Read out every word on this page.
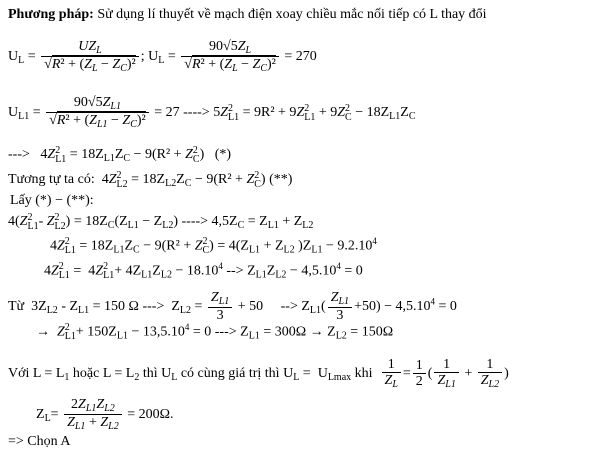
Phương pháp: Sử dụng lí thuyết về mạch điện xoay chiều mắc nối tiếp có L thay đổi
$U_L = \frac{UZ_L}{√R^2 + (Z_L - Z_C)^2}$ ; $U_L = \frac{90√5Z_L}{√R^2 + (Z_L - Z_C)^2} = 270$
$U_{L1} = \frac{90√5Z_{L1}}{√R^2 + (Z_{L1} - Z_C)^2} = 27$ ----> 5Z 2
L1 = 9R² + 9Z 2
L1 + 9Z 2
$C - 18Z_{L1}Z_C$
--->   4Z 2
$L1 = 18Z_{L1}Z_C - 9(R^2 + Z$ 2
C )   (*)
Tương tự ta có:  4Z 2
$L2 = 18Z_{L2}Z_C - 9(R^2 + Z$ 2
C ) (**)
Lấy (*) − (**):
4(Z 2
L1 - Z 2
L2 ) = $18Z_C(Z_{L1} - Z_{L2})$ ----> $4,5Z_C = Z_{L1} + Z_{L2}$
4Z 2
$L1 = 18Z_{L1}Z_C - 9(R^2 + Z$ 2
C ) = $4(Z_{L1} + Z_{L2}$ )$Z_{L1} - 9.2.10^4$
4Z 2
L1 =  4Z 2
$L1 + 4Z_{L1}Z_{L2} - 18.10^4$ --> $Z_{L1}Z_{L2} - 4,5.10^4 = 0$
Từ  $3Z_{L2} - Z_{L1} = 150$ Ω --->  $Z_{L2} = \frac{Z_{L1}}{3} + 50$     --> $Z_{L1}( \frac{Z_{L1}}{3} +50) - 4,5.10^4 = 0$
→  Z 2
$L1 + 150Z_{L1} - 13,5.10^4 = 0$ ---> $Z_{L1} = 300\Omega \to Z_{L2} = 150\Omega$
Với $L = L_1$ hoặc $L = L_2$ thì $U_L$ có cùng giá trị thì $U_L = U_{Lmax}$ khi $\frac{1}{Z_L} = \frac{1}{2}$ ( $\frac{1}{Z_{L1}} + \frac{1}{Z_{L2}}$ )
$Z_L= \frac{2Z_{L1}Z_{L2}}{Z_{L1} + Z_{L2}} = 200\Omega$.
=> Chọn A
